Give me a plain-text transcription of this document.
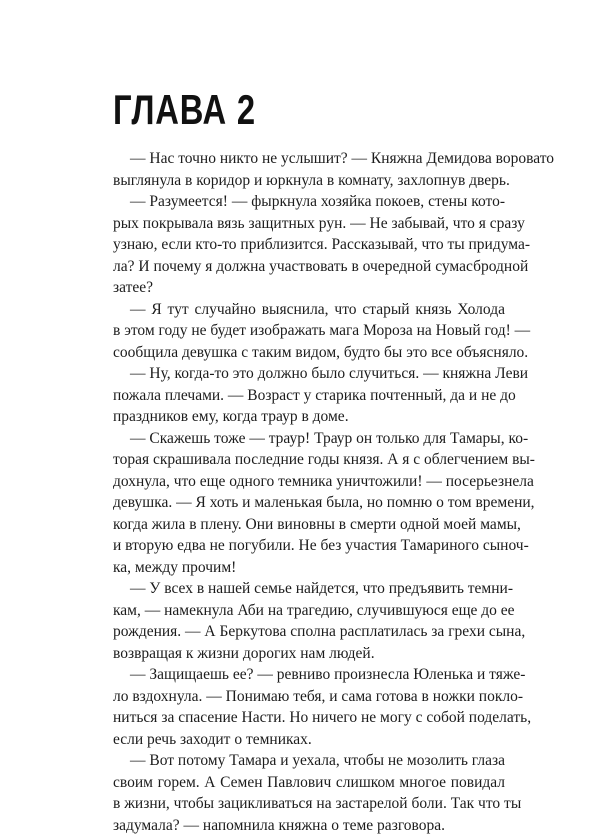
ГЛАВА 2
— Нас точно никто не услышит? — Княжна Демидова воровато
выглянула в коридор и юркнула в комнату, захлопнув дверь.
— Разумеется! — фыркнула хозяйка покоев, стены кото-
рых покрывала вязь защитных рун. — Не забывай, что я сразу
узнаю, если кто-то приблизится. Рассказывай, что ты придума-
ла? И почему я должна участвовать в очередной сумасбродной
затее?
— Я тут случайно выяснила, что старый князь Холода
в этом году не будет изображать мага Мороза на Новый год! —
сообщила девушка с таким видом, будто бы это все объясняло.
— Ну, когда-то это должно было случиться. — княжна Леви
пожала плечами. — Возраст у старика почтенный, да и не до
праздников ему, когда траур в доме.
— Скажешь тоже — траур! Траур он только для Тамары, ко-
торая скрашивала последние годы князя. А я с облегчением вы-
дохнула, что еще одного темника уничтожили! — посерьезнела
девушка. — Я хоть и маленькая была, но помню о том времени,
когда жила в плену. Они виновны в смерти одной моей мамы,
и вторую едва не погубили. Не без участия Тамариного сыноч-
ка, между прочим!
— У всех в нашей семье найдется, что предъявить темни-
кам, — намекнула Аби на трагедию, случившуюся еще до ее
рождения. — А Беркутова сполна расплатилась за грехи сына,
возвращая к жизни дорогих нам людей.
— Защищаешь ее? — ревниво произнесла Юленька и тяже-
ло вздохнула. — Понимаю тебя, и сама готова в ножки покло-
ниться за спасение Насти. Но ничего не могу с собой поделать,
если речь заходит о темниках.
— Вот потому Тамара и уехала, чтобы не мозолить глаза
своим горем. А Семен Павлович слишком многое повидал
в жизни, чтобы зацикливаться на застарелой боли. Так что ты
задумала? — напомнила княжна о теме разговора.
